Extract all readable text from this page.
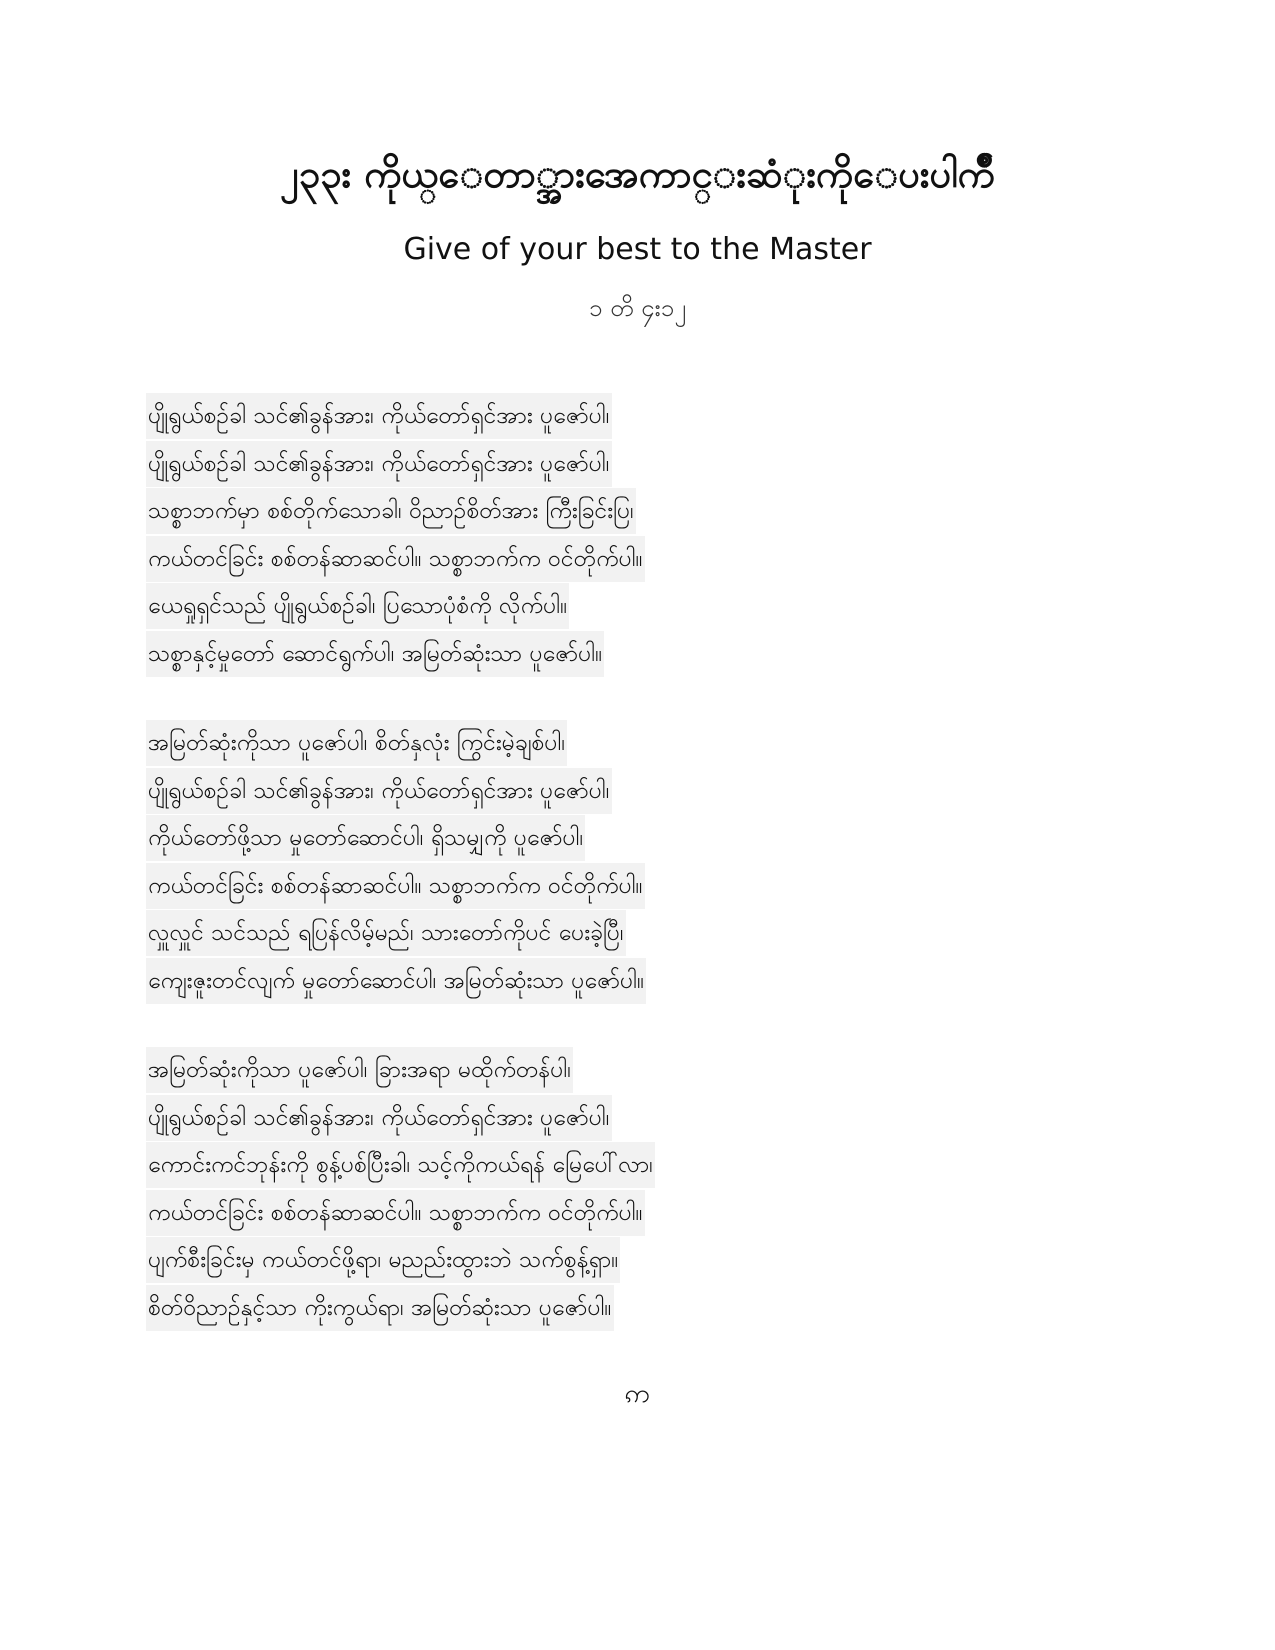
၂၃၃း ကိုယ္ေတာ္အားအေကာင္းဆံုးကိုေပးပါက်ိဳ
Give of your best to the Master
၁ တိ ၄း၁၂
ပျိုရွယ်စဉ်ခါ သင်၏ခွန်အား၊ ကိုယ်တော်ရှင်အား ပူဇော်ပါ၊
ပျိုရွယ်စဉ်ခါ သင်၏ခွန်အား၊ ကိုယ်တော်ရှင်အား ပူဇော်ပါ၊
သစ္စာဘက်မှာ စစ်တိုက်သောခါ၊ ဝိညာဉ်စိတ်အား ကြီးခြင်းပြ၊
ကယ်တင်ခြင်း စစ်တန်ဆာဆင်ပါ။ သစ္စာဘက်က ဝင်တိုက်ပါ။
ယေရှုရှင်သည် ပျိုရွယ်စဉ်ခါ၊ ပြသောပုံစံကို လိုက်ပါ။
သစ္စာနှင့်မှုတော် ဆောင်ရွက်ပါ၊ အမြတ်ဆုံးသာ ပူဇော်ပါ။
အမြတ်ဆုံးကိုသာ ပူဇော်ပါ၊ စိတ်နှလုံး ကြွင်းမဲ့ချစ်ပါ၊
ပျိုရွယ်စဉ်ခါ သင်၏ခွန်အား၊ ကိုယ်တော်ရှင်အား ပူဇော်ပါ၊
ကိုယ်တော်ဖို့သာ မှုတော်ဆောင်ပါ၊ ရှိသမျှကို ပူဇော်ပါ၊
ကယ်တင်ခြင်း စစ်တန်ဆာဆင်ပါ။ သစ္စာဘက်က ဝင်တိုက်ပါ။
လှူလှူင် သင်သည် ရပြန်လိမ့်မည်၊ သားတော်ကိုပင် ပေးခဲ့ပြီ၊
ကျေးဇူးတင်လျက် မှုတော်ဆောင်ပါ၊ အမြတ်ဆုံးသာ ပူဇော်ပါ။
အမြတ်ဆုံးကိုသာ ပူဇော်ပါ၊ ခြားအရာ မထိုက်တန်ပါ၊
ပျိုရွယ်စဉ်ခါ သင်၏ခွန်အား၊ ကိုယ်တော်ရှင်အား ပူဇော်ပါ၊
ကောင်းကင်ဘုန်းကို စွန့်ပစ်ပြီးခါ၊ သင့်ကိုကယ်ရန် မြေပေါ်လာ၊
ကယ်တင်ခြင်း စစ်တန်ဆာဆင်ပါ။ သစ္စာဘက်က ဝင်တိုက်ပါ။
ပျက်စီးခြင်းမှ ကယ်တင်ဖို့ရာ၊ မညည်းထွားဘဲ သက်စွန့်ရှာ။
စိတ်ဝိညာဉ်နှင့်သာ ကိုးကွယ်ရာ၊ အမြတ်ဆုံးသာ ပူဇော်ပါ။
ဢ
